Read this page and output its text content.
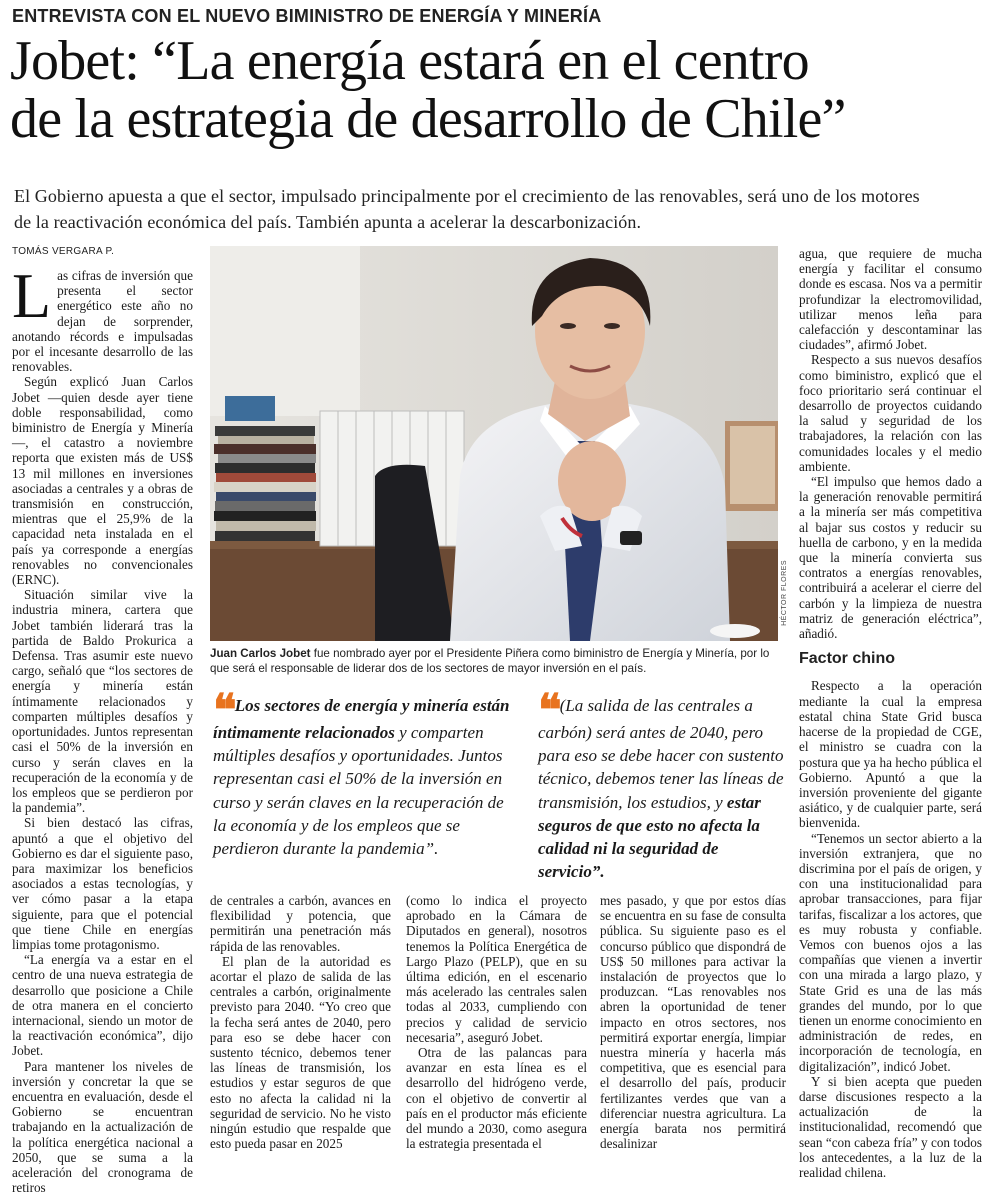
ENTREVISTA CON EL NUEVO BIMINISTRO DE ENERGÍA Y MINERÍA
Jobet: “La energía estará en el centro
de la estrategia de desarrollo de Chile”
El Gobierno apuesta a que el sector, impulsado principalmente por el crecimiento de las renovables, será uno de los motores
de la reactivación económica del país. También apunta a acelerar la descarbonización.
TOMÁS VERGARA P.

Las cifras de inversión que presenta el sector energético este año no dejan de sorprender, anotando récords e impulsadas por el incesante desarrollo de las renovables.

Según explicó Juan Carlos Jobet —quien desde ayer tiene doble responsabilidad, como biministro de Energía y Minería—, el catastro a noviembre reporta que existen más de US$ 13 mil millones en inversiones asociadas a centrales y a obras de transmisión en construcción, mientras que el 25,9% de la capacidad neta instalada en el país ya corresponde a energías renovables no convencionales (ERNC).

Situación similar vive la industria minera, cartera que Jobet también liderará tras la partida de Baldo Prokurica a Defensa. Tras asumir este nuevo cargo, señaló que “los sectores de energía y minería están íntimamente relacionados y comparten múltiples desafíos y oportunidades. Juntos representan casi el 50% de la inversión en curso y serán claves en la recuperación de la economía y de los empleos que se perdieron por la pandemia”.

Si bien destacó las cifras, apuntó a que el objetivo del Gobierno es dar el siguiente paso, para maximizar los beneficios asociados a estas tecnologías, y ver cómo pasar a la etapa siguiente, para que el potencial que tiene Chile en energías limpias tome protagonismo.

“La energía va a estar en el centro de una nueva estrategia de desarrollo que posicione a Chile de otra manera en el concierto internacional, siendo un motor de la reactivación económica”, dijo Jobet.

Para mantener los niveles de inversión y concretar la que se encuentra en evaluación, desde el Gobierno se encuentran trabajando en la actualización de la política energética nacional a 2050, que se suma a la aceleración del cronograma de retiros

HÉCTOR FLORES
Juan Carlos Jobet fue nombrado ayer por el Presidente Piñera como biministro de Energía y Minería, por lo que será el responsable de liderar dos de los sectores de mayor inversión en el país.
❝ Los sectores de energía y minería están íntimamente relacionados y comparten múltiples desafíos y oportunidades. Juntos representan casi el 50% de la inversión en curso y serán claves en la recuperación de la economía y de los empleos que se perdieron durante la pandemia”.
❝ (La salida de las centrales a carbón) será antes de 2040, pero para eso se debe hacer con sustento técnico, debemos tener las líneas de transmisión, los estudios, y estar seguros de que esto no afecta la calidad ni la seguridad de servicio”.

de centrales a carbón, avances en flexibilidad y potencia, que permitirán una penetración más rápida de las renovables.

El plan de la autoridad es acortar el plazo de salida de las centrales a carbón, originalmente previsto para 2040. “Yo creo que la fecha será antes de 2040, pero para eso se debe hacer con sustento técnico, debemos tener las líneas de transmisión, los estudios y estar seguros de que esto no afecta la calidad ni la seguridad de servicio. No he visto ningún estudio que respalde que esto pueda pasar en 2025

(como lo indica el proyecto aprobado en la Cámara de Diputados en general), nosotros tenemos la Política Energética de Largo Plazo (PELP), que en su última edición, en el escenario más acelerado las centrales salen todas al 2033, cumpliendo con precios y calidad de servicio necesaria”, aseguró Jobet.

Otra de las palancas para avanzar en esta línea es el desarrollo del hidrógeno verde, con el objetivo de convertir al país en el productor más eficiente del mundo a 2030, como asegura la estrategia presentada el

mes pasado, y que por estos días se encuentra en su fase de consulta pública. Su siguiente paso es el concurso público que dispondrá de US$ 50 millones para activar la instalación de proyectos que lo produzcan. “Las renovables nos abren la oportunidad de tener impacto en otros sectores, nos permitirá exportar energía, limpiar nuestra minería y hacerla más competitiva, que es esencial para el desarrollo del país, producir fertilizantes verdes que van a diferenciar nuestra agricultura. La energía barata nos permitirá desalinizar

agua, que requiere de mucha energía y facilitar el consumo donde es escasa. Nos va a permitir profundizar la electromovilidad, utilizar menos leña para calefacción y descontaminar las ciudades”, afirmó Jobet.

Respecto a sus nuevos desafíos como biministro, explicó que el foco prioritario será continuar el desarrollo de proyectos cuidando la salud y seguridad de los trabajadores, la relación con las comunidades locales y el medio ambiente.

“El impulso que hemos dado a la generación renovable permitirá a la minería ser más competitiva al bajar sus costos y reducir su huella de carbono, y en la medida que la minería convierta sus contratos a energías renovables, contribuirá a acelerar el cierre del carbón y la limpieza de nuestra matriz de generación eléctrica”, añadió.

Factor chino

Respecto a la operación mediante la cual la empresa estatal china State Grid busca hacerse de la propiedad de CGE, el ministro se cuadra con la postura que ya ha hecho pública el Gobierno. Apuntó a que la inversión proveniente del gigante asiático, y de cualquier parte, será bienvenida.

“Tenemos un sector abierto a la inversión extranjera, que no discrimina por el país de origen, y con una institucionalidad para aprobar transacciones, para fijar tarifas, fiscalizar a los actores, que es muy robusta y confiable. Vemos con buenos ojos a las compañías que vienen a invertir con una mirada a largo plazo, y State Grid es una de las más grandes del mundo, por lo que tienen un enorme conocimiento en administración de redes, en incorporación de tecnología, en digitalización”, indicó Jobet.

Y si bien acepta que pueden darse discusiones respecto a la actualización de la institucionalidad, recomendó que sean “con cabeza fría” y con todos los antecedentes, a la luz de la realidad chilena.
